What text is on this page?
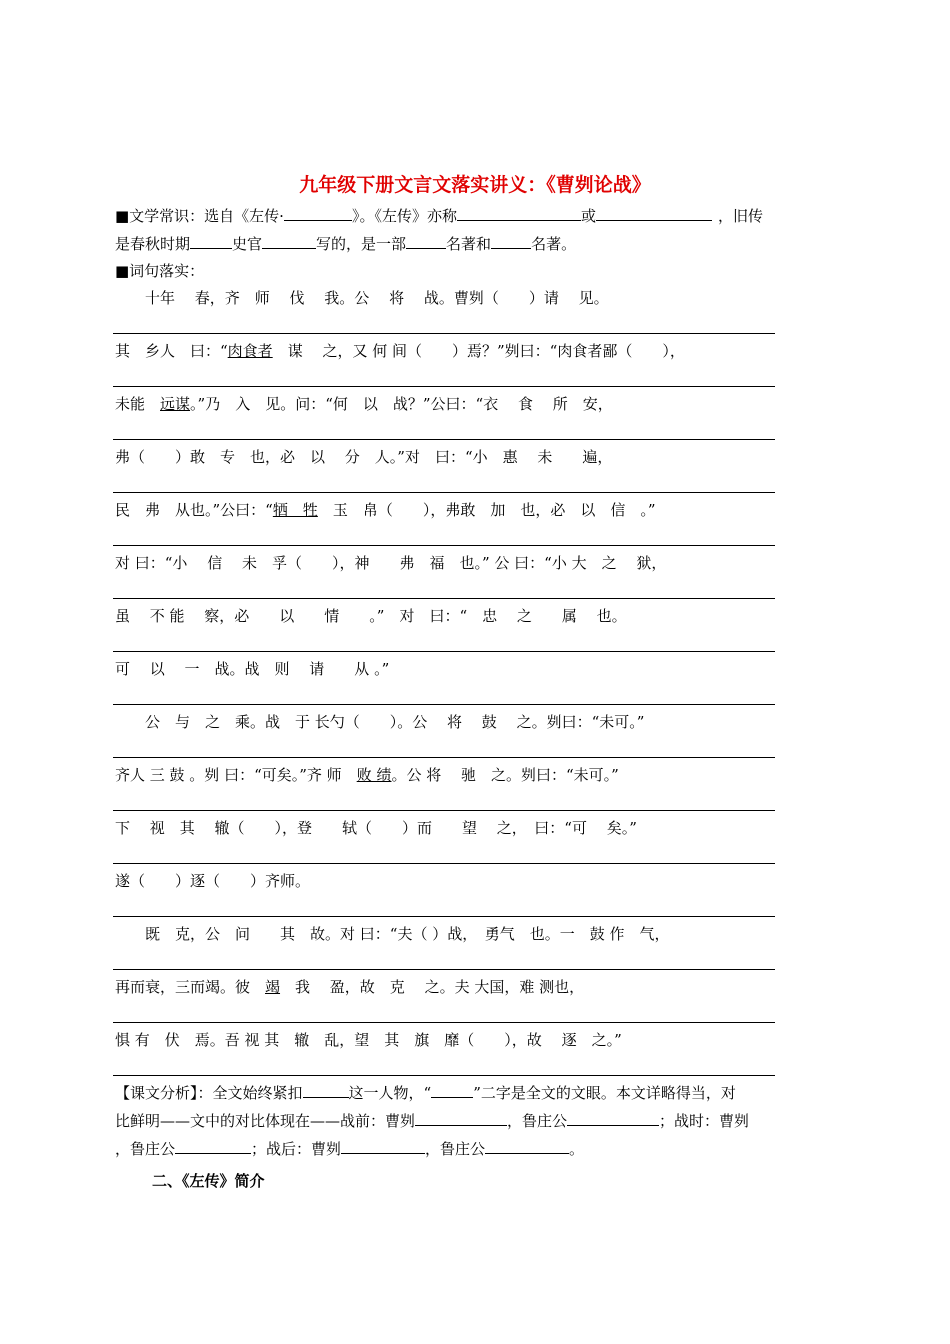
九年级下册文言文落实讲义：《曹刿论战》
■文学常识：选自《左传·	》。《左传》亦称	或	，旧传
是春秋时期	史官	写的，是一部	名著和	名著。
■词句落实：
　　十年　 春，齐　师　 伐　 我。公　 将　 战。曹刿（　　）请　 见。
其　乡人　曰：“肉食者　谋　 之，又 何 间（　　）焉？”刿曰：“肉食者鄙（　　），
未能　远谋。”乃　入　见。问：“何　以　战？”公曰：“衣　 食　 所　安，
弗（　　）敢　专　也，必　以　 分　人。”对　曰：“小　惠　 未　　遍，
民　弗　从也。”公曰：“牺　牲　玉　帛（　　），弗敢　加　也，必　以　信　。”
对 曰：“小　 信　 未　孚（　　），神　　弗　福　也。” 公 曰：“小 大　之　 狱，
虽　 不 能　 察，必　　以　　情　　。”　对　曰：“　忠　 之　　属　 也。
可　 以　 一　战。战　则　 请　　从 。”
　　公　与　之　乘。战　于 长勺（　　）。公　 将　 鼓　 之。刿曰：“未可。”
齐人 三 鼓 。刿 曰：“可矣。”齐 师　败 绩。公 将　 驰　之。刿曰：“未可。”
下　 视　其　 辙（　　），登　　轼（　　）而　　望　 之，　曰：“可　 矣。”
遂（　　）逐（　　）齐师。
　　既　克，公　问　　其　故。对 曰：“夫（ ）战，　勇气　也。一　鼓 作　气，
再而衰，三而竭。彼　竭　我　 盈，故　克　 之。夫 大国，难 测也，
惧 有　伏　焉。吾 视 其　辙　乱，望　其　旗　靡（　　），故　 逐　之。”
【课文分析】：全文始终紧扣	这一人物，“	”二字是全文的文眼。本文详略得当，对
比鲜明——文中的对比体现在——战前：曹刿	，鲁庄公	；战时：曹刿
，鲁庄公	；战后：曹刿	，鲁庄公	。
二、《左传》简介
